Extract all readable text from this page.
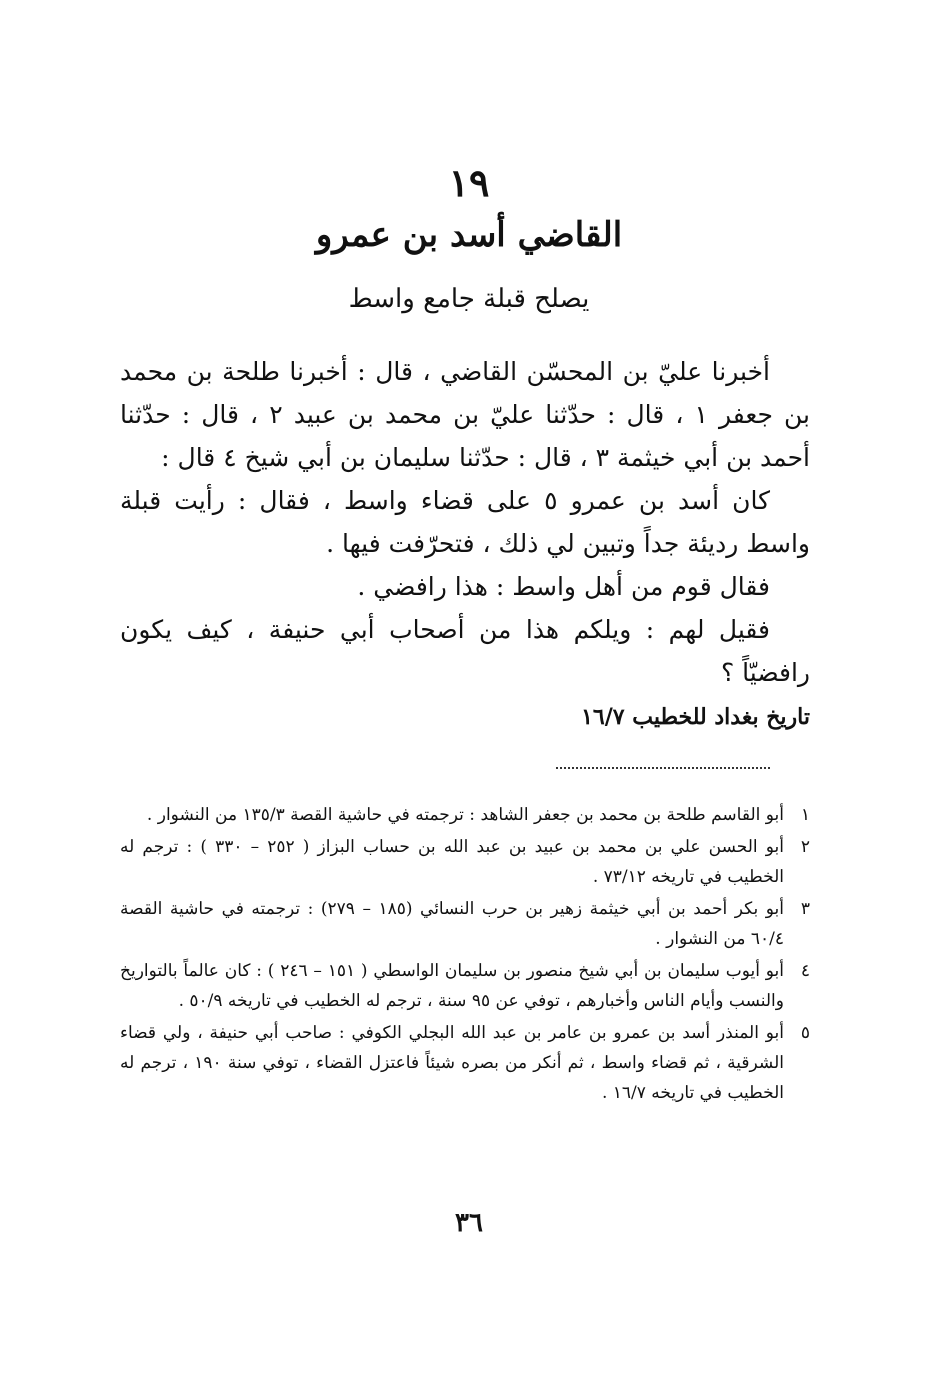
١٩
القاضي أسد بن عمرو
يصلح قبلة جامع واسط

أخبرنا عليّ بن المحسّن القاضي ، قال : أخبرنا طلحة بن محمد بن جعفر ١ ، قال : حدّثنا عليّ بن محمد بن عبيد ٢ ، قال : حدّثنا أحمد بن أبي خيثمة ٣ ، قال : حدّثنا سليمان بن أبي شيخ ٤ قال :

كان أسد بن عمرو ٥ على قضاء واسط ، فقال : رأيت قبلة واسط رديئة جداً وتبين لي ذلك ، فتحرّفت فيها .

فقال قوم من أهل واسط : هذا رافضي .

فقيل لهم : ويلكم هذا من أصحاب أبي حنيفة ، كيف يكون رافضيّاً ؟

تاريخ بغداد للخطيب ١٦/٧
١
أبو القاسم طلحة بن محمد بن جعفر الشاهد : ترجمته في حاشية القصة ١٣٥/٣ من النشوار .
٢
أبو الحسن علي بن محمد بن عبيد بن عبد الله بن حساب البزاز ( ٢٥٢ – ٣٣٠ ) : ترجم له الخطيب في تاريخه ٧٣/١٢ .
٣
أبو بكر أحمد بن أبي خيثمة زهير بن حرب النسائي (١٨٥ – ٢٧٩) : ترجمته في حاشية القصة ٦٠/٤ من النشوار .
٤
أبو أيوب سليمان بن أبي شيخ منصور بن سليمان الواسطي ( ١٥١ – ٢٤٦ ) : كان عالماً بالتواريخ والنسب وأيام الناس وأخبارهم ، توفي عن ٩٥ سنة ، ترجم له الخطيب في تاريخه ٥٠/٩ .
٥
أبو المنذر أسد بن عمرو بن عامر بن عبد الله البجلي الكوفي : صاحب أبي حنيفة ، ولي قضاء الشرقية ، ثم قضاء واسط ، ثم أنكر من بصره شيئاً فاعتزل القضاء ، توفي سنة ١٩٠ ، ترجم له الخطيب في تاريخه ١٦/٧ .
٣٦
